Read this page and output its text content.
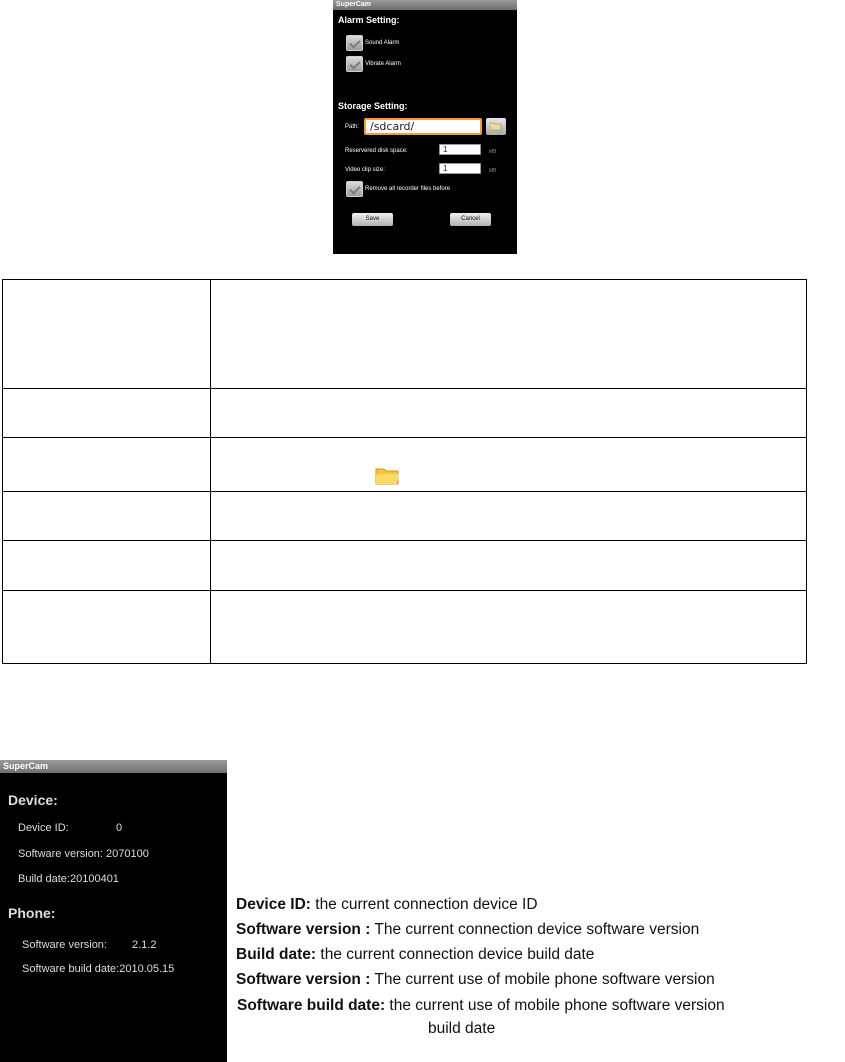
SuperCam
Alarm Setting:
Sound Alarm
Vibrate Alarm
Storage Setting:
Path: /sdcard/
Reservered disk space:	1	MB
Video clip size:	1	MB
Remove all recorder files before
Save	Cancel

SuperCam
Device:
Device ID:	0
Software version: 2070100
Build date:20100401
Phone:
Software version: 2.1.2
Software build date:2010.05.15
Device ID: the current connection device ID
Software version : The current connection device software version
Build date: the current connection device build date
Software version : The current use of mobile phone software version
Software build date: the current use of mobile phone software version
build date
